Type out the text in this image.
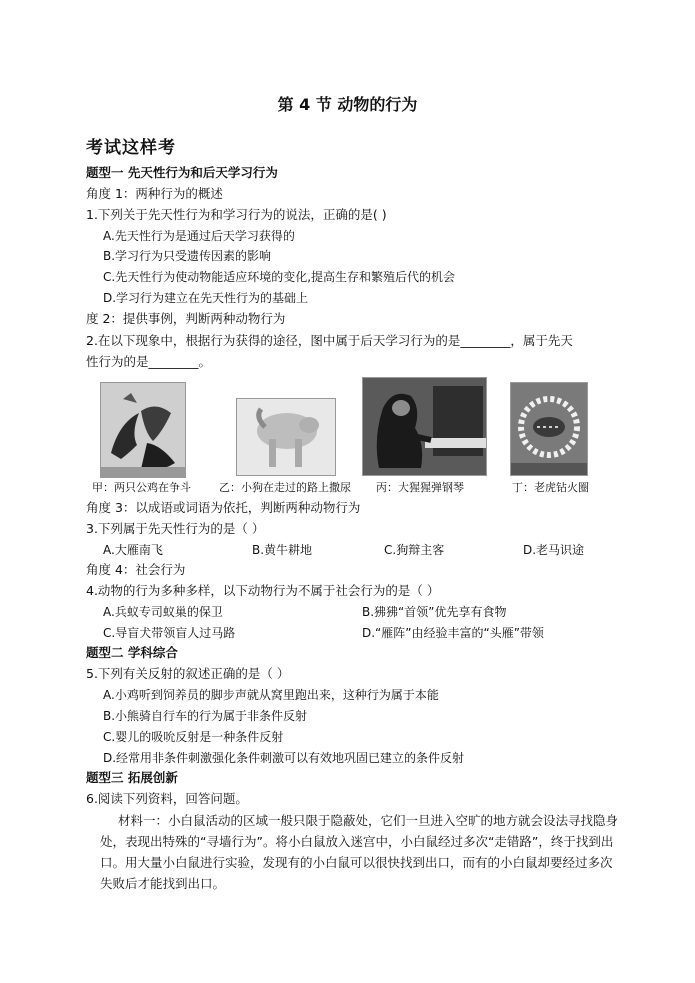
第 4 节 动物的行为
考试这样考
题型一 先天性行为和后天学习行为
角度 1：两种行为的概述
1.下列关于先天性行为和学习行为的说法，正确的是( )
A.先天性行为是通过后天学习获得的
B.学习行为只受遗传因素的影响
C.先天性行为使动物能适应环境的变化,提高生存和繁殖后代的机会
D.学习行为建立在先天性行为的基础上
度 2：提供事例，判断两种动物行为
2.在以下现象中，根据行为获得的途径，图中属于后天学习行为的是________，属于先天
性行为的是________。
甲：两只公鸡在争斗	乙：小狗在走过的路上撒尿 丙：大猩猩弹钢琴	丁：老虎钻火圈
角度 3：以成语或词语为依托，判断两种动物行为
3.下列属于先天性行为的是（ ）
A.大雁南飞	B.黄牛耕地	C.狗辩主客	D.老马识途
角度 4：社会行为
4.动物的行为多种多样，以下动物行为不属于社会行为的是（ ）
A.兵蚁专司蚁巢的保卫	B.狒狒“首领”优先享有食物
C.导盲犬带领盲人过马路	D.“雁阵”由经验丰富的“头雁”带领
题型二 学科综合
5.下列有关反射的叙述正确的是（ ）
A.小鸡听到饲养员的脚步声就从窝里跑出来，这种行为属于本能
B.小熊骑自行车的行为属于非条件反射
C.婴儿的吸吮反射是一种条件反射
D.经常用非条件刺激强化条件刺激可以有效地巩固已建立的条件反射
题型三 拓展创新
6.阅读下列资料，回答问题。
材料一：小白鼠活动的区域一般只限于隐蔽处，它们一旦进入空旷的地方就会设法寻找隐身处，表现出特殊的“寻墙行为”。将小白鼠放入迷宫中，小白鼠经过多次“走错路”，终于找到出口。用大量小白鼠进行实验，发现有的小白鼠可以很快找到出口，而有的小白鼠却要经过多次失败后才能找到出口。
